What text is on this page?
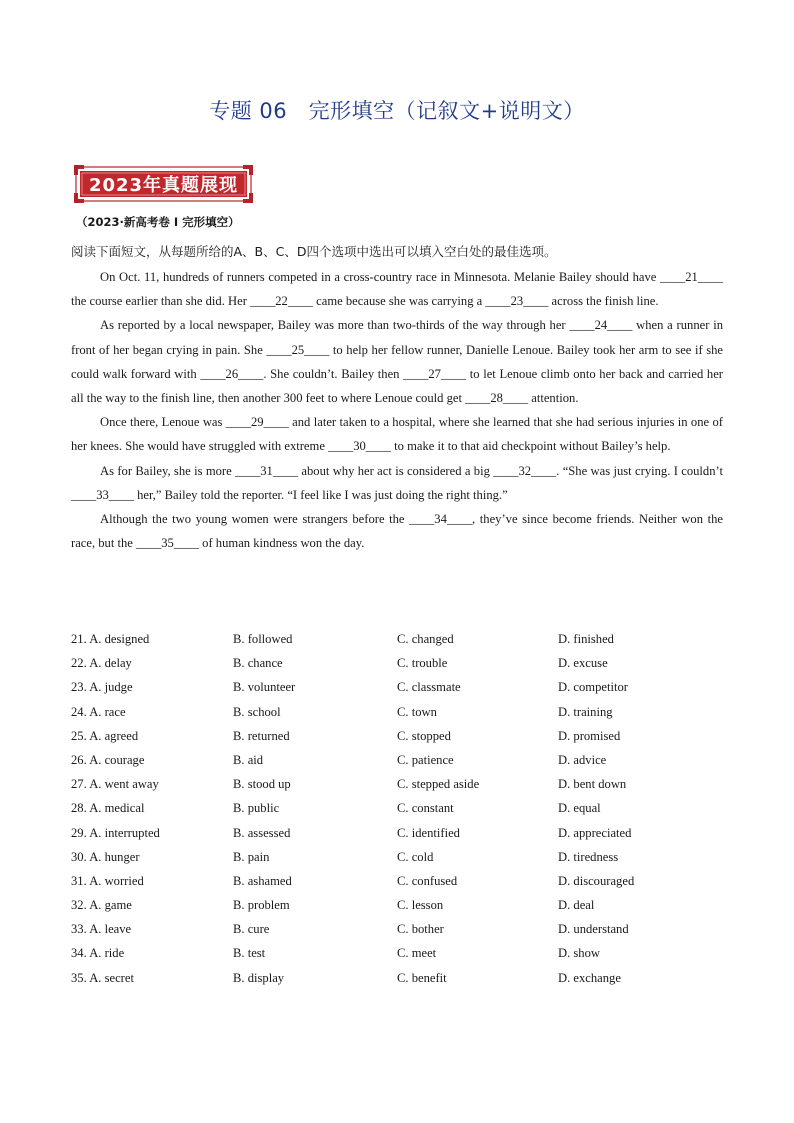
专题 06　完形填空（记叙文+说明文）
2023年真题展现
（2023·新高考卷 I 完形填空）
阅读下面短文，从每题所给的A、B、C、D四个选项中选出可以填入空白处的最佳选项。

On Oct. 11, hundreds of runners competed in a cross-country race in Minnesota. Melanie Bailey should have ____21____ the course earlier than she did. Her ____22____ came because she was carrying a ____23____ across the finish line.

As reported by a local newspaper, Bailey was more than two-thirds of the way through her ____24____ when a runner in front of her began crying in pain. She ____25____ to help her fellow runner, Danielle Lenoue. Bailey took her arm to see if she could walk forward with ____26____. She couldn’t. Bailey then ____27____ to let Lenoue climb onto her back and carried her all the way to the finish line, then another 300 feet to where Lenoue could get ____28____ attention.

Once there, Lenoue was ____29____ and later taken to a hospital, where she learned that she had serious injuries in one of her knees. She would have struggled with extreme ____30____ to make it to that aid checkpoint without Bailey’s help.

As for Bailey, she is more ____31____ about why her act is considered a big ____32____. “She was just crying. I couldn’t ____33____ her,” Bailey told the reporter. “I feel like I was just doing the right thing.”

Although the two young women were strangers before the ____34____, they’ve since become friends. Neither won the race, but the ____35____ of human kindness won the day.

21. A. designed	B. followed	C. changed	D. finished
22. A. delay	B. chance	C. trouble	D. excuse
23. A. judge	B. volunteer	C. classmate	D. competitor
24. A. race	B. school	C. town	D. training
25. A. agreed	B. returned	C. stopped	D. promised
26. A. courage	B. aid	C. patience	D. advice
27. A. went away	B. stood up	C. stepped aside	D. bent down
28. A. medical	B. public	C. constant	D. equal
29. A. interrupted	B. assessed	C. identified	D. appreciated
30. A. hunger	B. pain	C. cold	D. tiredness
31. A. worried	B. ashamed	C. confused	D. discouraged
32. A. game	B. problem	C. lesson	D. deal
33. A. leave	B. cure	C. bother	D. understand
34. A. ride	B. test	C. meet	D. show
35. A. secret	B. display	C. benefit	D. exchange
